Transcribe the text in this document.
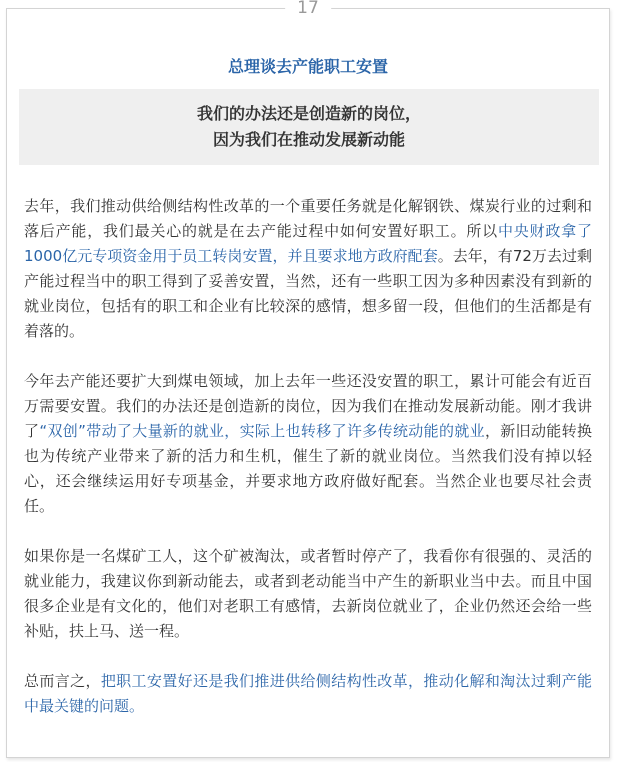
17
总理谈去产能职工安置
我们的办法还是创造新的岗位，
因为我们在推动发展新动能

去年，我们推动供给侧结构性改革的一个重要任务就是化解钢铁、煤炭行业的过剩和落后产能，我们最关心的就是在去产能过程中如何安置好职工。所以中央财政拿了1000亿元专项资金用于员工转岗安置，并且要求地方政府配套。去年，有72万去过剩产能过程当中的职工得到了妥善安置，当然，还有一些职工因为多种因素没有到新的就业岗位，包括有的职工和企业有比较深的感情，想多留一段，但他们的生活都是有着落的。

今年去产能还要扩大到煤电领域，加上去年一些还没安置的职工，累计可能会有近百万需要安置。我们的办法还是创造新的岗位，因为我们在推动发展新动能。刚才我讲了“双创”带动了大量新的就业，实际上也转移了许多传统动能的就业，新旧动能转换也为传统产业带来了新的活力和生机，催生了新的就业岗位。当然我们没有掉以轻心，还会继续运用好专项基金，并要求地方政府做好配套。当然企业也要尽社会责任。

如果你是一名煤矿工人，这个矿被淘汰，或者暂时停产了，我看你有很强的、灵活的就业能力，我建议你到新动能去，或者到老动能当中产生的新职业当中去。而且中国很多企业是有文化的，他们对老职工有感情，去新岗位就业了，企业仍然还会给一些补贴，扶上马、送一程。

总而言之，把职工安置好还是我们推进供给侧结构性改革，推动化解和淘汰过剩产能中最关键的问题。
